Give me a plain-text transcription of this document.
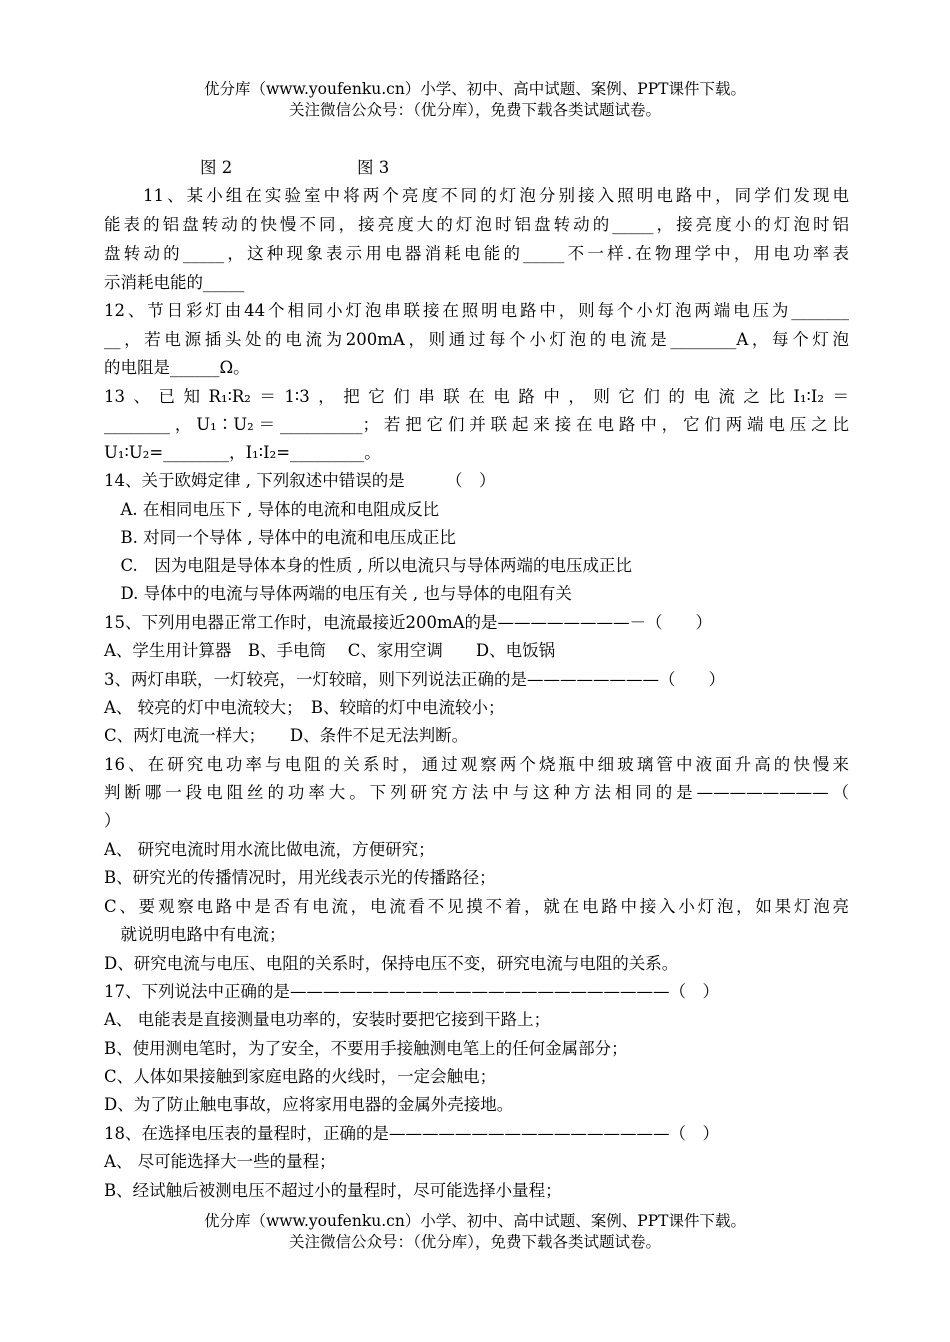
优分库（www.youfenku.cn）小学、初中、高中试题、案例、PPT课件下载。
关注微信公众号：（优分库），免费下载各类试题试卷。
图 2	图 3
11、某小组在实验室中将两个亮度不同的灯泡分别接入照明电路中，同学们发现电
能表的铝盘转动的快慢不同，接亮度大的灯泡时铝盘转动的_____，接亮度小的灯泡时铝
盘转动的_____，这种现象表示用电器消耗电能的_____不一样.在物理学中，用电功率表
示消耗电能的_____
12、节日彩灯由44个相同小灯泡串联接在照明电路中，则每个小灯泡两端电压为_______
__，若电源插头处的电流为200mA，则通过每个小灯泡的电流是________A，每个灯泡
的电阻是______Ω。
13、已知R₁∶R₂＝1∶3，把它们串联在电路中，则它们的电流之比I₁∶I₂＝
________，U₁∶U₂＝__________；若把它们并联起来接在电路中，它们两端电压之比
U₁∶U₂=________，I₁∶I₂=_________。
14、关于欧姆定律 , 下列叙述中错误的是　　　（　）
　A. 在相同电压下 , 导体的电流和电阻成反比
　B. 对同一个导体 , 导体中的电流和电压成正比
　C.　因为电阻是导体本身的性质 , 所以电流只与导体两端的电压成正比
　D. 导体中的电流与导体两端的电压有关 , 也与导体的电阻有关
15、下列用电器正常工作时，电流最接近200mA的是————————－（　　）
A、学生用计算器　B、手电筒　 C、家用空调　　D、电饭锅
3、两灯串联，一灯较亮，一灯较暗，则下列说法正确的是————————（　　）
A、 较亮的灯中电流较大；　B、较暗的灯中电流较小；
C、两灯电流一样大；　　D、条件不足无法判断。
16、在研究电功率与电阻的关系时，通过观察两个烧瓶中细玻璃管中液面升高的快慢来
判断哪一段电阻丝的功率大。下列研究方法中与这种方法相同的是————————（
）
A、 研究电流时用水流比做电流，方便研究；
B、研究光的传播情况时，用光线表示光的传播路径；
C、要观察电路中是否有电流，电流看不见摸不着，就在电路中接入小灯泡，如果灯泡亮
　就说明电路中有电流；
D、研究电流与电压、电阻的关系时，保持电压不变，研究电流与电阻的关系。
17、下列说法中正确的是———————————————————————（　）
A、 电能表是直接测量电功率的，安装时要把它接到干路上；
B、使用测电笔时，为了安全，不要用手接触测电笔上的任何金属部分；
C、人体如果接触到家庭电路的火线时，一定会触电；
D、为了防止触电事故，应将家用电器的金属外壳接地。
18、在选择电压表的量程时，正确的是—————————————————（　）
A、 尽可能选择大一些的量程；
B、经试触后被测电压不超过小的量程时，尽可能选择小量程；
优分库（www.youfenku.cn）小学、初中、高中试题、案例、PPT课件下载。
关注微信公众号：（优分库），免费下载各类试题试卷。
